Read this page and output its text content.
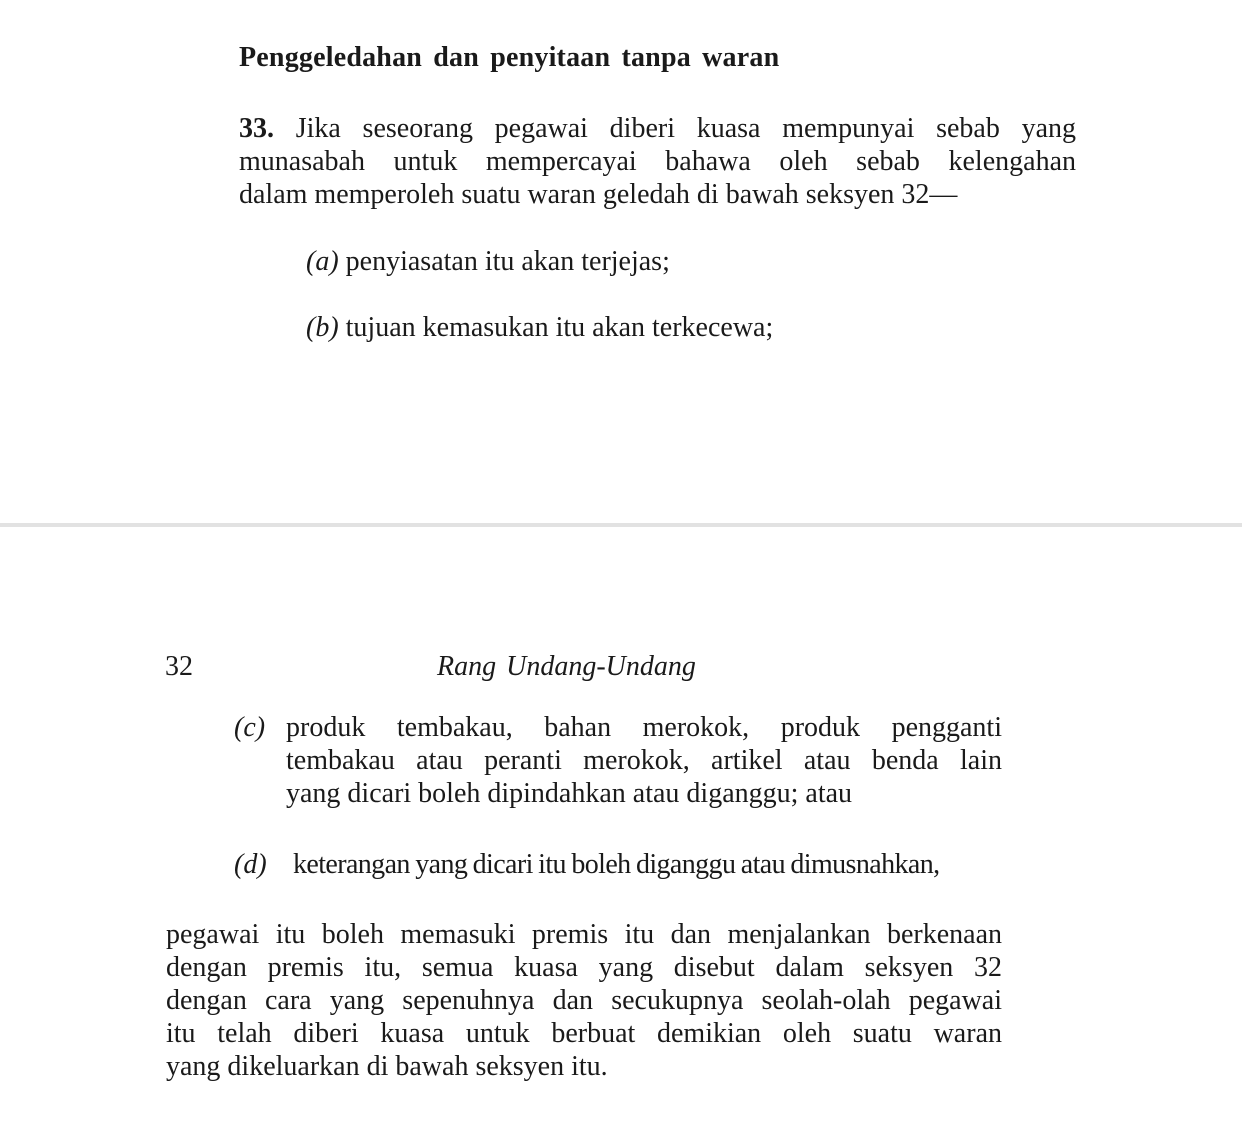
Penggeledahan dan penyitaan tanpa waran
33. Jika seseorang pegawai diberi kuasa mempunyai sebab yang
munasabah untuk mempercayai bahawa oleh sebab kelengahan
dalam memperoleh suatu waran geledah di bawah seksyen 32—
(a) penyiasatan itu akan terjejas;
(b) tujuan kemasukan itu akan terkecewa;
32	Rang Undang-Undang
(c) produk tembakau, bahan merokok, produk pengganti
tembakau atau peranti merokok, artikel atau benda lain
yang dicari boleh dipindahkan atau diganggu; atau
(d) keterangan yang dicari itu boleh diganggu atau dimusnahkan,
pegawai itu boleh memasuki premis itu dan menjalankan berkenaan
dengan premis itu, semua kuasa yang disebut dalam seksyen 32
dengan cara yang sepenuhnya dan secukupnya seolah-olah pegawai
itu telah diberi kuasa untuk berbuat demikian oleh suatu waran
yang dikeluarkan di bawah seksyen itu.
